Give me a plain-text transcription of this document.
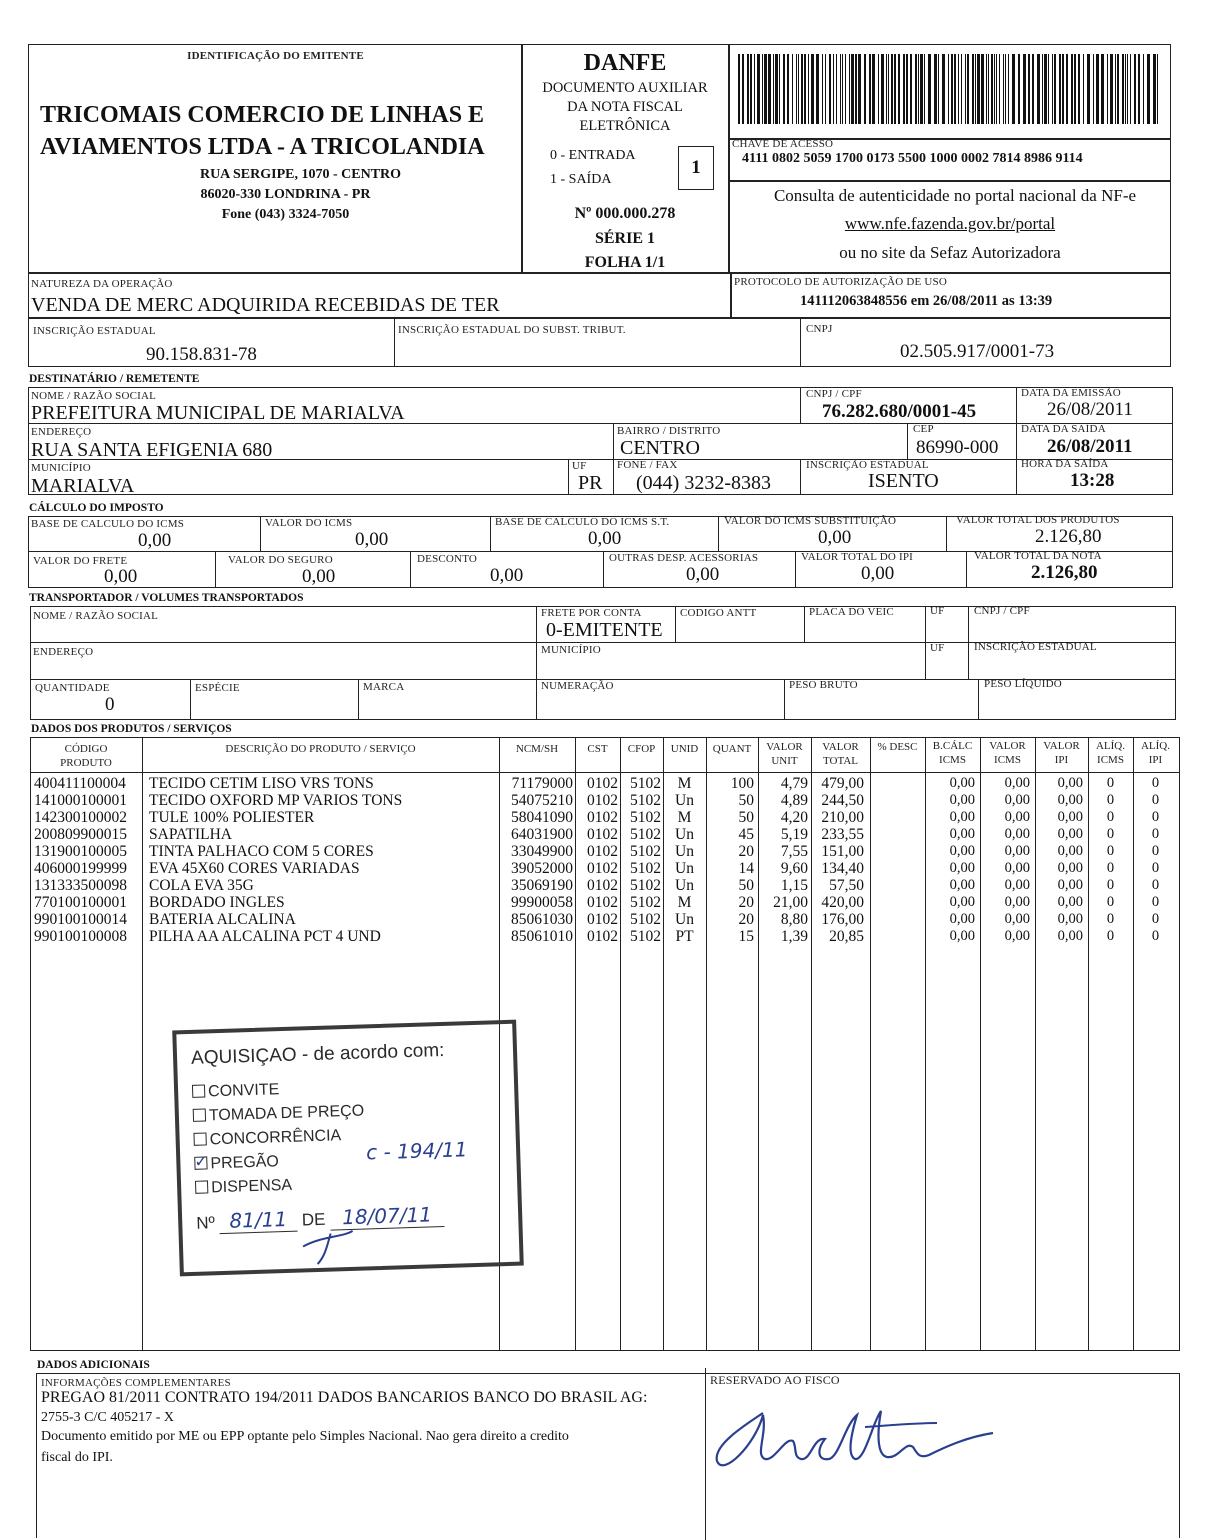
IDENTIFICAÇÃO DO EMITENTE
TRICOMAIS COMERCIO DE LINHAS E
AVIAMENTOS LTDA - A TRICOLANDIA
RUA SERGIPE, 1070 - CENTRO
86020-330 LONDRINA - PR
Fone (043) 3324-7050
DANFE
DOCUMENTO AUXILIAR
DA NOTA FISCAL
ELETRÔNICA
0 - ENTRADA
1 - SAÍDA
1
Nº 000.000.278
SÉRIE 1
FOLHA 1/1
CHAVE DE ACESSO
4111 0802 5059 1700 0173 5500 1000 0002 7814 8986 9114
Consulta de autenticidade no portal nacional da NF-e
www.nfe.fazenda.gov.br/portal
ou no site da Sefaz Autorizadora
NATUREZA DA OPERAÇÃO
VENDA DE MERC ADQUIRIDA RECEBIDAS DE TER
PROTOCOLO DE AUTORIZAÇÃO DE USO
141112063848556 em 26/08/2011 as 13:39
INSCRIÇÃO ESTADUAL
90.158.831-78
INSCRIÇÃO ESTADUAL DO SUBST. TRIBUT.	CNPJ
02.505.917/0001-73
DESTINATÁRIO / REMETENTE
NOME / RAZÃO SOCIAL
PREFEITURA MUNICIPAL DE MARIALVA
CNPJ / CPF
76.282.680/0001-45
DATA DA EMISSÃO
26/08/2011
ENDEREÇO
RUA SANTA EFIGENIA 680
BAIRRO / DISTRITO
CENTRO
CEP
86990-000
DATA DA SAÍDA
26/08/2011
MUNICÍPIO
MARIALVA
UF
PR
FONE / FAX
(044) 3232-8383
INSCRIÇÃO ESTADUAL
ISENTO
HORA DA SAÍDA
13:28
CÁLCULO DO IMPOSTO
BASE DE CALCULO DO ICMS
0,00
VALOR DO ICMS
0,00
BASE DE CALCULO DO ICMS S.T.
0,00
VALOR DO ICMS SUBSTITUIÇÃO
0,00
VALOR TOTAL DOS PRODUTOS
2.126,80
VALOR DO FRETE
0,00
VALOR DO SEGURO
0,00
DESCONTO
0,00
OUTRAS DESP. ACESSORIAS
0,00
VALOR TOTAL DO IPI
0,00
VALOR TOTAL DA NOTA
2.126,80
TRANSPORTADOR / VOLUMES TRANSPORTADOS
NOME / RAZÃO SOCIAL	FRETE POR CONTA
0-EMITENTE
CODIGO ANTT	PLACA DO VEIC	UF	CNPJ / CPF
ENDEREÇO	MUNICÍPIO	UF	INSCRIÇÃO ESTADUAL
QUANTIDADE
0
ESPÉCIE	MARCA	NUMERAÇÃO	PESO BRUTO	PESO LÍQUIDO
DADOS DOS PRODUTOS / SERVIÇOS
CÓDIGO
PRODUTO
DESCRIÇÃO DO PRODUTO / SERVIÇO	NCM/SH	CST	CFOP	UNID	QUANT	VALOR
UNIT
VALOR
TOTAL
% DESC	B.CÁLC
ICMS
VALOR
ICMS
VALOR
IPI
ALÍQ.
ICMS
ALÍQ.
IPI
400411100004	TECIDO CETIM LISO VRS TONS	71179000 0102 5102	M	100	4,79 479,00	0,00	0,00	0,00	0	0
141000100001	TECIDO OXFORD MP VARIOS TONS	54075210 0102 5102 Un	50	4,89 244,50	0,00	0,00	0,00	0	0
142300100002	TULE 100% POLIESTER	58041090 0102 5102	M	50	4,20 210,00	0,00	0,00	0,00	0	0
200809900015	SAPATILHA	64031900 0102 5102 Un	45	5,19 233,55	0,00	0,00	0,00	0	0
131900100005	TINTA PALHACO COM 5 CORES	33049900 0102 5102 Un	20	7,55 151,00	0,00	0,00	0,00	0	0
406000199999	EVA 45X60 CORES VARIADAS	39052000 0102 5102 Un	14	9,60 134,40	0,00	0,00	0,00	0	0
131333500098	COLA EVA 35G	35069190 0102 5102 Un	50	1,15	57,50	0,00	0,00	0,00	0	0
770100100001	BORDADO INGLES	99900058 0102 5102	M	20	21,00 420,00	0,00	0,00	0,00	0	0
990100100014	BATERIA ALCALINA	85061030 0102 5102 Un	20	8,80 176,00	0,00	0,00	0,00	0	0
990100100008	PILHA AA ALCALINA PCT 4 UND	85061010 0102 5102 PT	15	1,39	20,85	0,00	0,00	0,00	0	0
AQUISIÇAO - de acordo com:
CONVITE
TOMADA DE PREÇO
CONCORRÊNCIA
✓ PREGÃO
DISPENSA
c - 194/11
Nº 81/11 DE 18/07/11
DADOS ADICIONAIS
INFORMAÇÕES COMPLEMENTARES
PREGAO 81/2011 CONTRATO 194/2011 DADOS BANCARIOS BANCO DO BRASIL AG:
2755-3 C/C 405217 - X
Documento emitido por ME ou EPP optante pelo Simples Nacional. Nao gera direito a credito
fiscal do IPI.
RESERVADO AO FISCO
